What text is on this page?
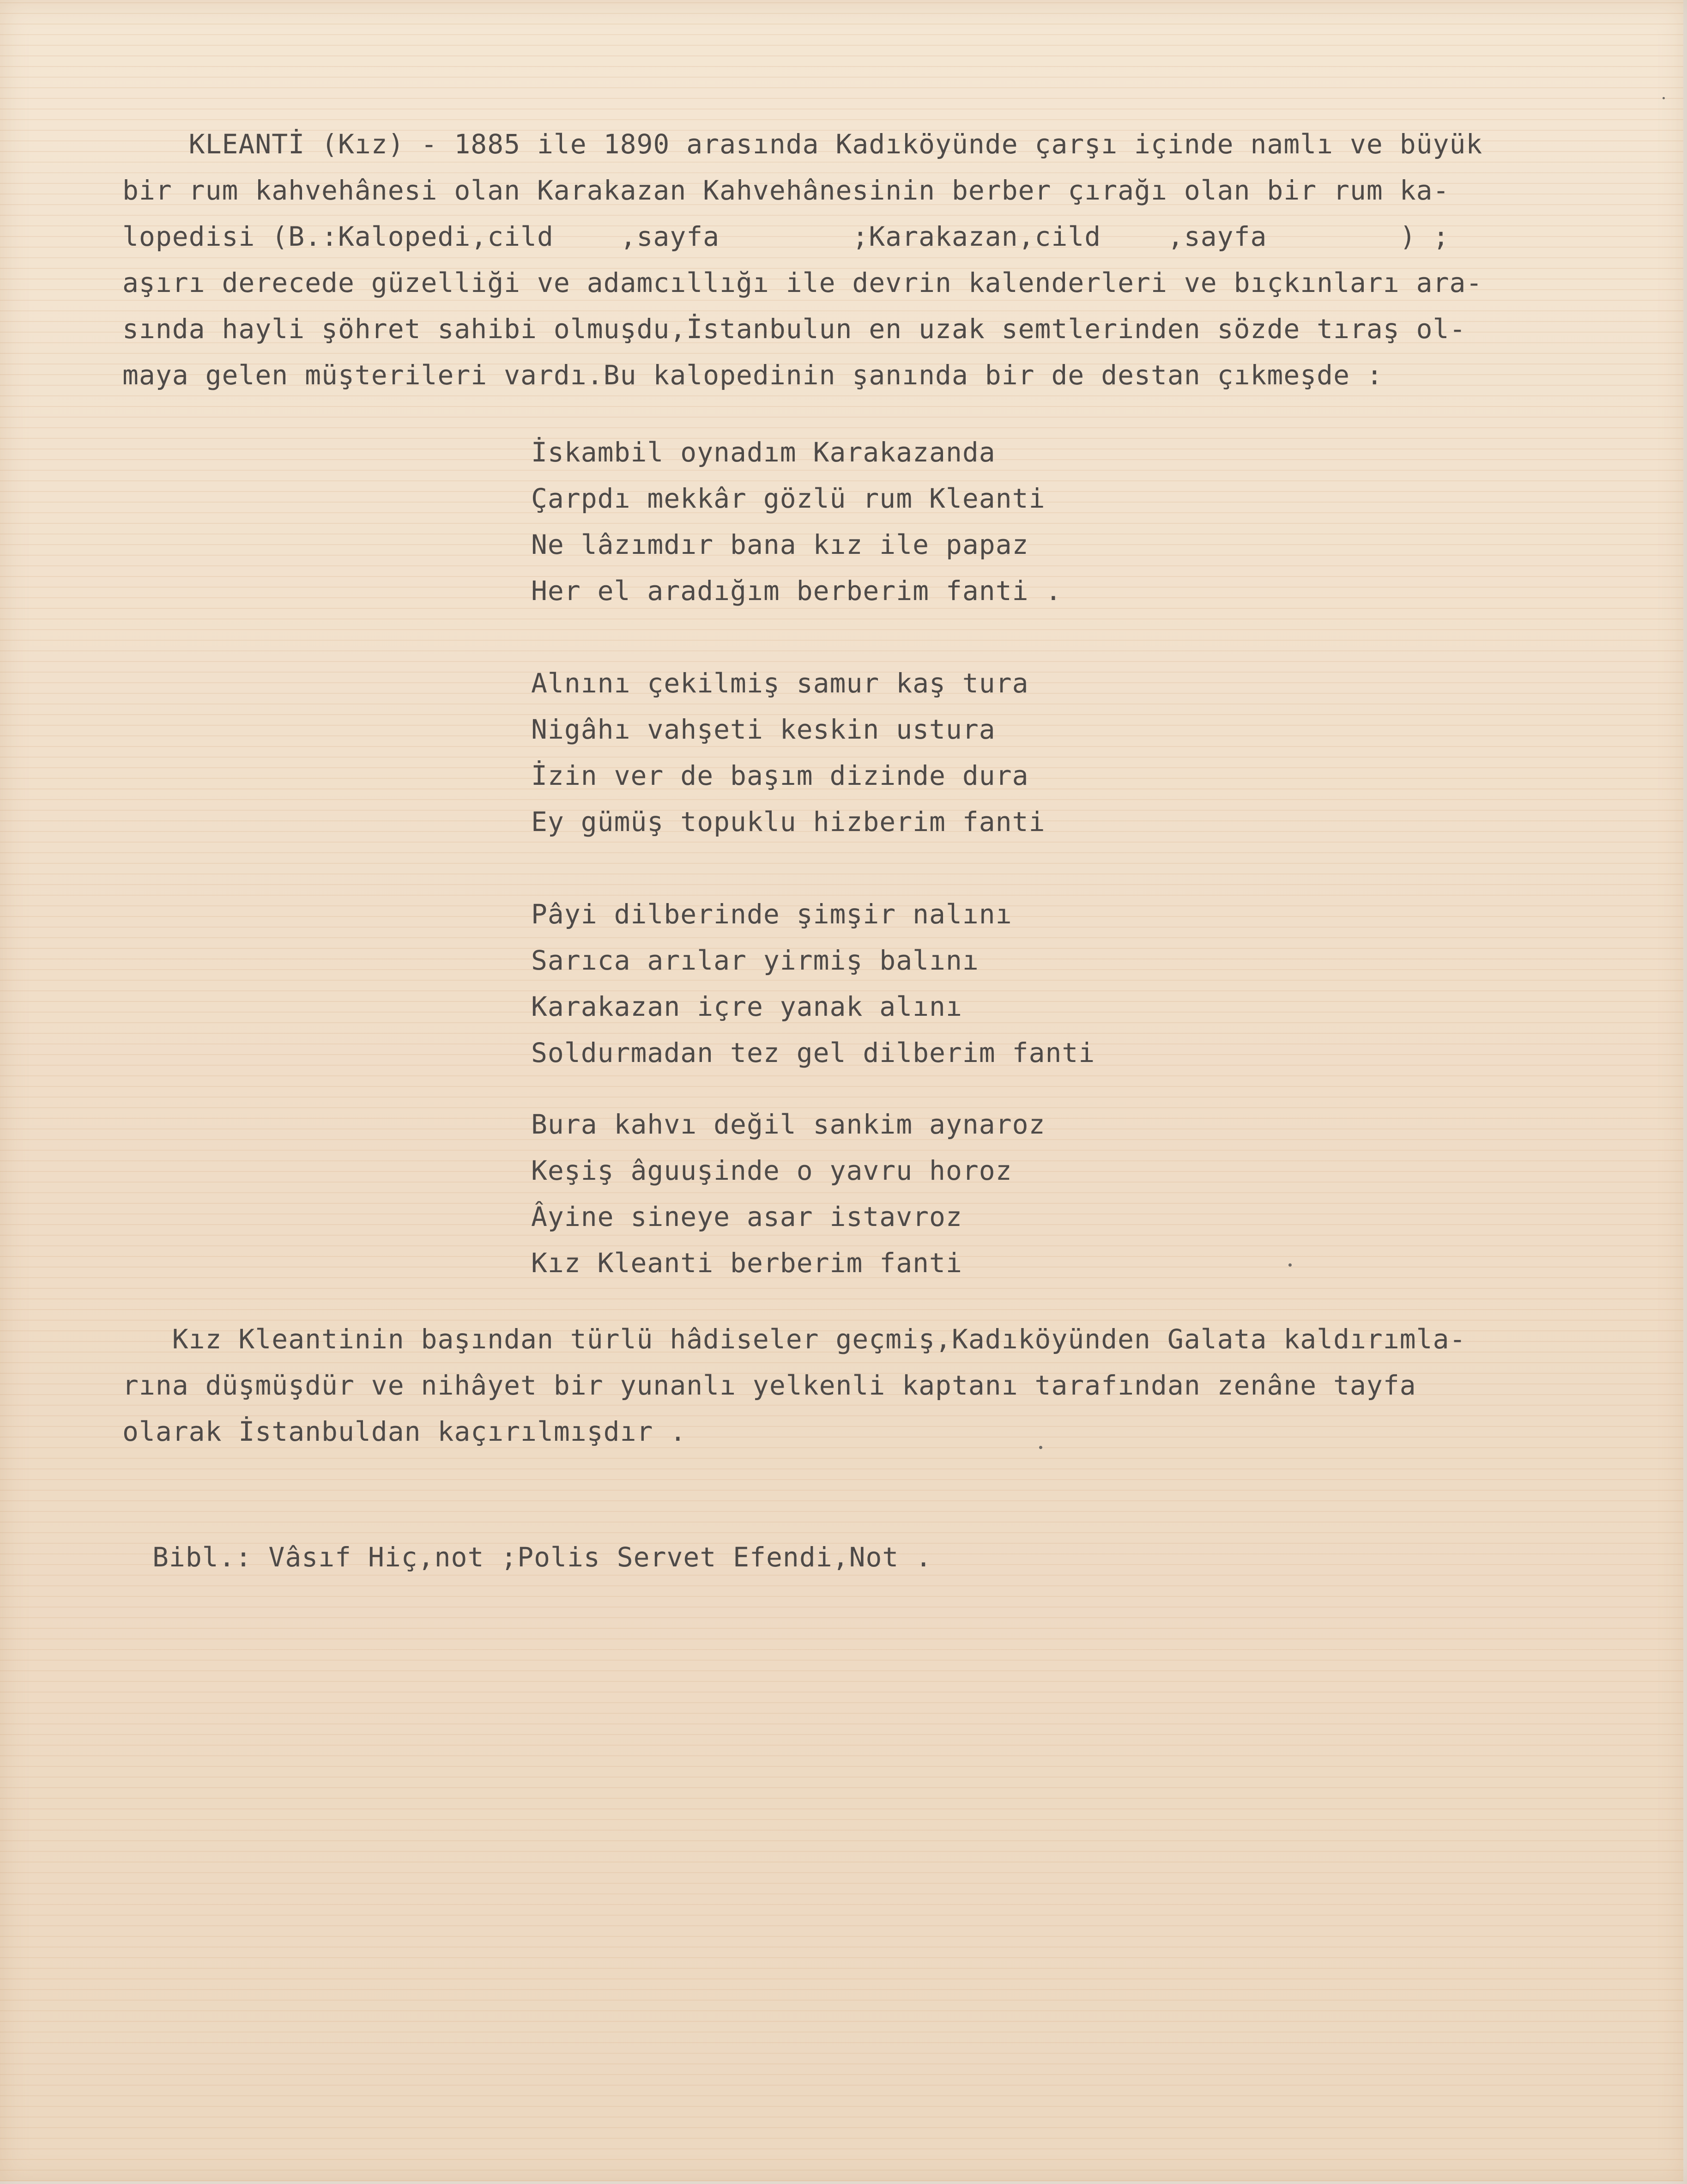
KLEANTİ (Kız) - 1885 ile 1890 arasında Kadıköyünde çarşı içinde namlı ve büyük
bir rum kahvehânesi olan Karakazan Kahvehânesinin berber çırağı olan bir rum ka-
lopedisi (B.:Kalopedi,cild    ,sayfa        ;Karakazan,cild    ,sayfa        ) ;
aşırı derecede güzelliği ve adamcıllığı ile devrin kalenderleri ve bıçkınları ara-
sında hayli şöhret sahibi olmuşdu,İstanbulun en uzak semtlerinden sözde tıraş ol-
maya gelen müşterileri vardı.Bu kalopedinin şanında bir de destan çıkmeşde :
İskambil oynadım Karakazanda
Çarpdı mekkâr gözlü rum Kleanti
Ne lâzımdır bana kız ile papaz
Her el aradığım berberim fanti .
Alnını çekilmiş samur kaş tura
Nigâhı vahşeti keskin ustura
İzin ver de başım dizinde dura
Ey gümüş topuklu hizberim fanti
Pâyi dilberinde şimşir nalını
Sarıca arılar yirmiş balını
Karakazan içre yanak alını
Soldurmadan tez gel dilberim fanti
Bura kahvı değil sankim aynaroz
Keşiş âguuşinde o yavru horoz
Âyine sineye asar istavroz
Kız Kleanti berberim fanti
Kız Kleantinin başından türlü hâdiseler geçmiş,Kadıköyünden Galata kaldırımla-
rına düşmüşdür ve nihâyet bir yunanlı yelkenli kaptanı tarafından zenâne tayfa
olarak İstanbuldan kaçırılmışdır .
Bibl.: Vâsıf Hiç,not ;Polis Servet Efendi,Not .
